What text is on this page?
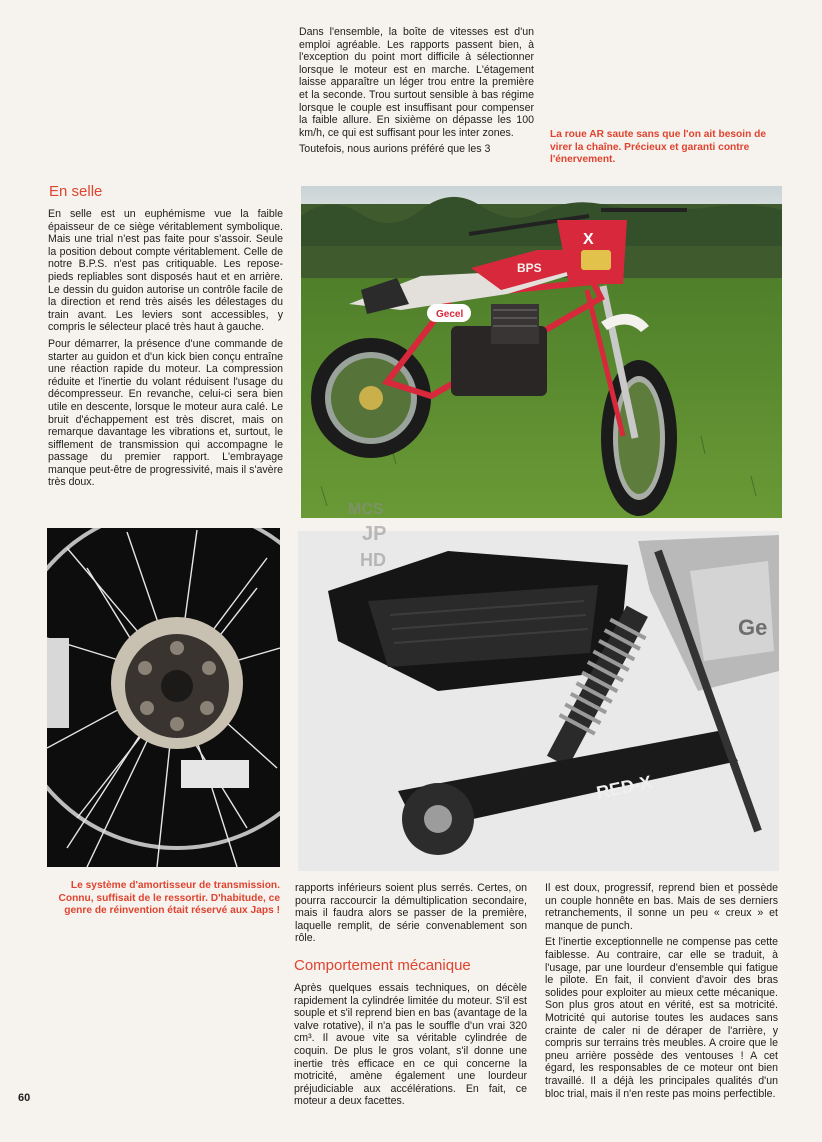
Dans l'ensemble, la boîte de vitesses est d'un emploi agréable. Les rapports passent bien, à l'exception du point mort difficile à sélectionner lorsque le moteur est en marche. L'étagement laisse apparaître un léger trou entre la première et la seconde. Trou surtout sensible à bas régime lorsque le couple est insuffisant pour compenser la faible allure. En sixième on dépasse les 100 km/h, ce qui est suffisant pour les inter zones.

Toutefois, nous aurions préféré que les 3

La roue AR saute sans que l'on ait besoin de virer la chaîne. Précieux et garanti contre l'énervement.
En selle

En selle est un euphémisme vue la faible épaisseur de ce siège véritablement symbolique. Mais une trial n'est pas faite pour s'assoir. Seule la position debout compte véritablement. Celle de notre B.P.S. n'est pas critiquable. Les repose-pieds repliables sont disposés haut et en arrière. Le dessin du guidon autorise un contrôle facile de la direction et rend très aisés les délestages du train avant. Les leviers sont accessibles, y compris le sélecteur placé très haut à gauche.

Pour démarrer, la présence d'une commande de starter au guidon et d'un kick bien conçu entraîne une réaction rapide du moteur. La compression réduite et l'inertie du volant réduisent l'usage du décompresseur. En revanche, celui-ci sera bien utile en descente, lorsque le moteur aura calé. Le bruit d'échappement est très discret, mais on remarque davantage les vibrations et, surtout, le sifflement de transmission qui accompagne le passage du premier rapport. L'embrayage manque peut-être de progressivité, mais il s'avère très doux.

BPS
Gecel
X
Ge
RED-X
MCS
JP
HD
Le système d'amortisseur de transmission. Connu, suffisait de le ressortir. D'habitude, ce genre de réinvention était réservé aux Japs !

rapports inférieurs soient plus serrés. Certes, on pourra raccourcir la démultiplication secondaire, mais il faudra alors se passer de la première, laquelle remplit, de série convenablement son rôle.

Comportement mécanique

Après quelques essais techniques, on décèle rapidement la cylindrée limitée du moteur. S'il est souple et s'il reprend bien en bas (avantage de la valve rotative), il n'a pas le souffle d'un vrai 320 cm³. Il avoue vite sa véritable cylindrée de coquin. De plus le gros volant, s'il donne une inertie très efficace en ce qui concerne la motricité, amène également une lourdeur préjudiciable aux accélérations. En fait, ce moteur a deux facettes.

Il est doux, progressif, reprend bien et possède un couple honnête en bas. Mais de ses derniers retranchements, il sonne un peu « creux » et manque de punch.

Et l'inertie exceptionnelle ne compense pas cette faiblesse. Au contraire, car elle se traduit, à l'usage, par une lourdeur d'ensemble qui fatigue le pilote. En fait, il convient d'avoir des bras solides pour exploiter au mieux cette mécanique. Son plus gros atout en vérité, est sa motricité. Motricité qui autorise toutes les audaces sans crainte de caler ni de déraper de l'arrière, y compris sur terrains très meubles. A croire que le pneu arrière possède des ventouses ! A cet égard, les responsables de ce moteur ont bien travaillé. Il a déjà les principales qualités d'un bloc trial, mais il n'en reste pas moins perfectible.

60
